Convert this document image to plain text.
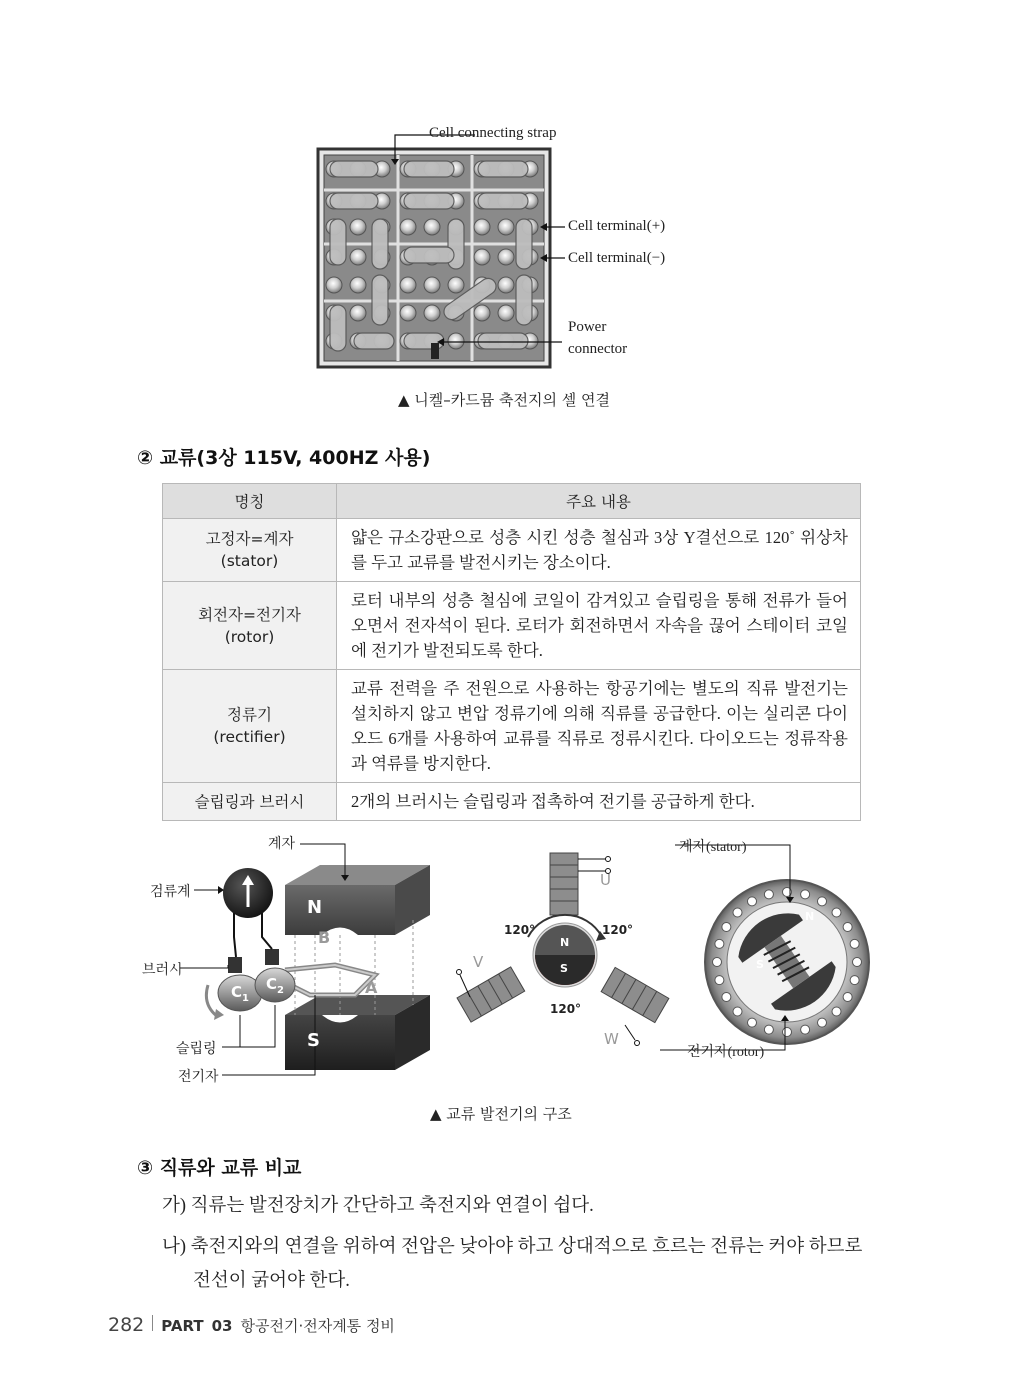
Cell connecting strap
Cell terminal(+)
Cell terminal(−)
Power
connector
▲ 니켈–카드뮴 축전지의 셀 연결
② 교류(3상 115V, 400HZ 사용)
명칭	주요 내용

고정자=계자
(stator)	얇은 규소강판으로 성층 시킨 성층 철심과 3상 Y결선으로 120˚ 위상차를 두고 교류를 발전시키는 장소이다.

회전자=전기자
(rotor)	로터 내부의 성층 철심에 코일이 감겨있고 슬립링을 통해 전류가 들어오면서 전자석이 된다. 로터가 회전하면서 자속을 끊어 스테이터 코일에 전기가 발전되도록 한다.

정류기
(rectifier)	교류 전력을 주 전원으로 사용하는 항공기에는 별도의 직류 발전기는 설치하지 않고 변압 정류기에 의해 직류를 공급한다. 이는 실리콘 다이오드 6개를 사용하여 교류를 직류로 정류시킨다. 다이오드는 정류작용과 역류를 방지한다.
슬립링과 브러시	2개의 브러시는 슬립링과 접촉하여 전기를 공급하게 한다.
계자
검류계
브러시
슬립링
전기자
N
S
B
A
$C_1$
$C_2$
U
V
W
120°	120°
120°
N
S
계자(stator)
전기자(rotor)
N
S
▲ 교류 발전기의 구조
③ 직류와 교류 비교
가) 직류는 발전장치가 간단하고 축전지와 연결이 쉽다.
나) 축전지와의 연결을 위하여 전압은 낮아야 하고 상대적으로 흐르는 전류는 커야 하므로
전선이 굵어야 한다.
282 PART 03 항공전기·전자계통 정비
